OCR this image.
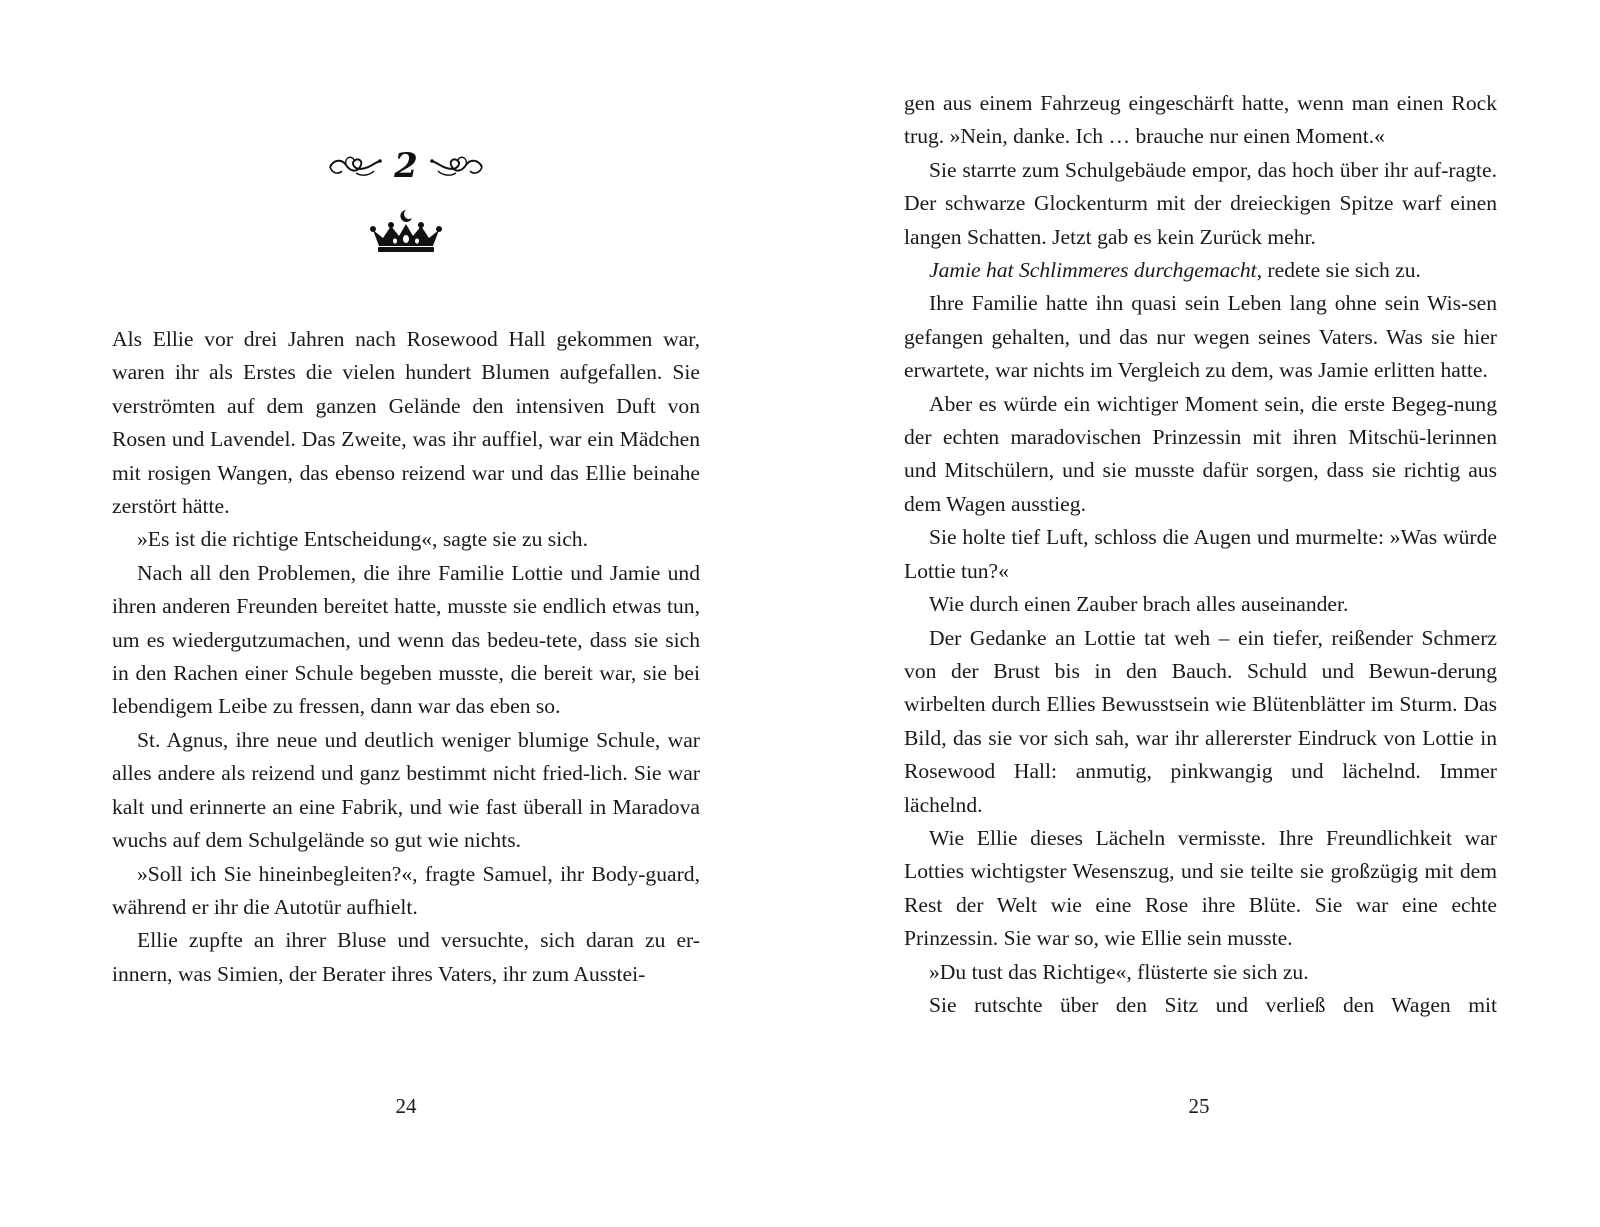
2

Als Ellie vor drei Jahren nach Rosewood Hall gekommen war, waren ihr als Erstes die vielen hundert Blumen aufgefallen. Sie verströmten auf dem ganzen Gelände den intensiven Duft von Rosen und Lavendel. Das Zweite, was ihr auffiel, war ein Mädchen mit rosigen Wangen, das ebenso reizend war und das Ellie beinahe zerstört hätte.

»Es ist die richtige Entscheidung«, sagte sie zu sich.

Nach all den Problemen, die ihre Familie Lottie und Jamie und ihren anderen Freunden bereitet hatte, musste sie endlich etwas tun, um es wiedergutzumachen, und wenn das bedeu-tete, dass sie sich in den Rachen einer Schule begeben musste, die bereit war, sie bei lebendigem Leibe zu fressen, dann war das eben so.

St. Agnus, ihre neue und deutlich weniger blumige Schule, war alles andere als reizend und ganz bestimmt nicht fried-lich. Sie war kalt und erinnerte an eine Fabrik, und wie fast überall in Maradova wuchs auf dem Schulgelände so gut wie nichts.

»Soll ich Sie hineinbegleiten?«, fragte Samuel, ihr Body-guard, während er ihr die Autotür aufhielt.

Ellie zupfte an ihrer Bluse und versuchte, sich daran zu er-innern, was Simien, der Berater ihres Vaters, ihr zum Ausstei-

24

gen aus einem Fahrzeug eingeschärft hatte, wenn man einen Rock trug. »Nein, danke. Ich … brauche nur einen Moment.«

Sie starrte zum Schulgebäude empor, das hoch über ihr auf-ragte. Der schwarze Glockenturm mit der dreieckigen Spitze warf einen langen Schatten. Jetzt gab es kein Zurück mehr.

Jamie hat Schlimmeres durchgemacht, redete sie sich zu.

Ihre Familie hatte ihn quasi sein Leben lang ohne sein Wis-sen gefangen gehalten, und das nur wegen seines Vaters. Was sie hier erwartete, war nichts im Vergleich zu dem, was Jamie erlitten hatte.

Aber es würde ein wichtiger Moment sein, die erste Begeg-nung der echten maradovischen Prinzessin mit ihren Mitschü-lerinnen und Mitschülern, und sie musste dafür sorgen, dass sie richtig aus dem Wagen ausstieg.

Sie holte tief Luft, schloss die Augen und murmelte: »Was würde Lottie tun?«

Wie durch einen Zauber brach alles auseinander.

Der Gedanke an Lottie tat weh – ein tiefer, reißender Schmerz von der Brust bis in den Bauch. Schuld und Bewun-derung wirbelten durch Ellies Bewusstsein wie Blütenblätter im Sturm. Das Bild, das sie vor sich sah, war ihr allererster Eindruck von Lottie in Rosewood Hall: anmutig, pinkwangig und lächelnd. Immer lächelnd.

Wie Ellie dieses Lächeln vermisste. Ihre Freundlichkeit war Lotties wichtigster Wesenszug, und sie teilte sie großzügig mit dem Rest der Welt wie eine Rose ihre Blüte. Sie war eine echte Prinzessin. Sie war so, wie Ellie sein musste.

»Du tust das Richtige«, flüsterte sie sich zu.

Sie rutschte über den Sitz und verließ den Wagen mit

25
